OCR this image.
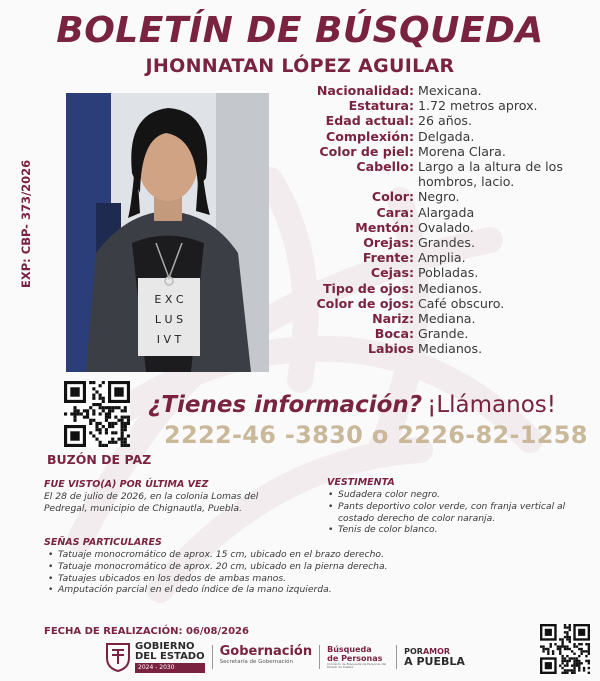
BOLETÍN DE BÚSQUEDA
JHONNATAN LÓPEZ AGUILAR
EXP: CBP- 373/2026
E X C
L U S
I V T
Nacionalidad: Mexicana.
Estatura: 1.72 metros aprox.
Edad actual: 26 años.
Complexión: Delgada.
Color de piel: Morena Clara.
Cabello: Largo a la altura de los hombros, lacio.
Color: Negro.
Cara: Alargada
Mentón: Ovalado.
Orejas: Grandes.
Frente: Amplia.
Cejas: Pobladas.
Tipo de ojos: Medianos.
Color de ojos: Café obscuro.
Nariz: Mediana.
Boca: Grande.
Labios Medianos.
BUZÓN DE PAZ
¿Tienes información? ¡Llámanos!
2222-46 -3830 o 2226-82-1258
FUE VISTO(A) POR ÚLTIMA VEZ
El 28 de julio de 2026, en la colonia Lomas del Pedregal, municipio de Chignautla, Puebla.
VESTIMENTA
• Sudadera color negro.
• Pants deportivo color verde, con franja vertical al costado derecho de color naranja.
• Tenis de color blanco.
SEÑAS PARTICULARES
• Tatuaje monocromático de aprox. 15 cm, ubicado en el brazo derecho.
• Tatuaje monocromático de aprox. 20 cm, ubicado en la pierna derecha.
• Tatuajes ubicados en los dedos de ambas manos.
• Amputación parcial en el dedo índice de la mano izquierda.
FECHA DE REALIZACIÓN: 06/08/2026
GOBIERNO
DEL ESTADO
2024 - 2030
Gobernación
Secretaría de Gobernación
Búsqueda
de Personas
Comisión de Búsqueda de Personas del Estado de Puebla
PORAMOR
A PUEBLA
